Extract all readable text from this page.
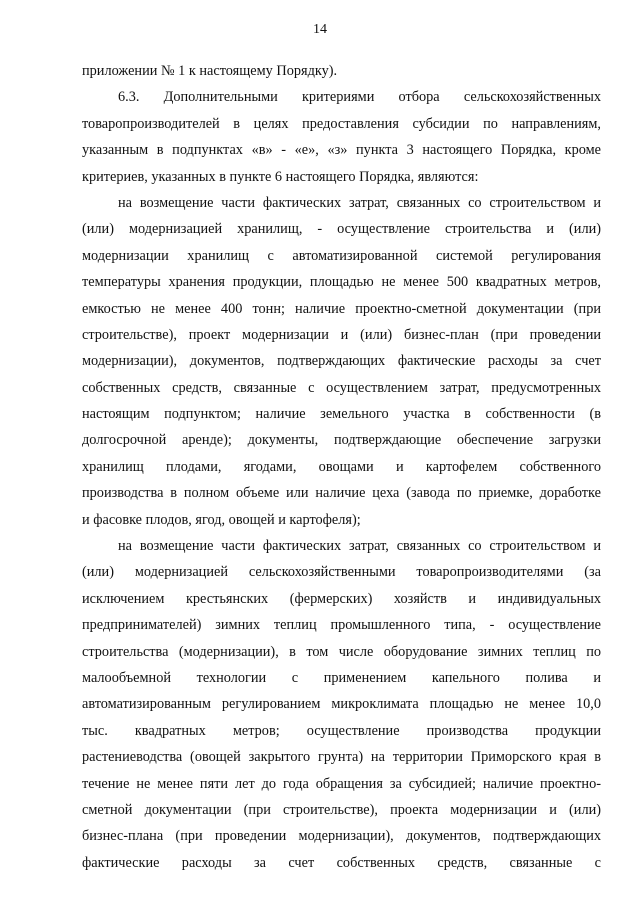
14
приложении № 1 к настоящему Порядку).
6.3. Дополнительными критериями отбора сельскохозяйственных
товаропроизводителей в целях предоставления субсидии по направлениям,
указанным в подпунктах «в» - «е», «з» пункта 3 настоящего Порядка, кроме
критериев, указанных в пункте 6 настоящего Порядка, являются:
на возмещение части фактических затрат, связанных со строительством и
(или) модернизацией хранилищ, - осуществление строительства и (или)
модернизации хранилищ с автоматизированной системой регулирования
температуры хранения продукции, площадью не менее 500 квадратных метров,
емкостью не менее 400 тонн; наличие проектно-сметной документации (при
строительстве), проект модернизации и (или) бизнес-план (при проведении
модернизации), документов, подтверждающих фактические расходы за счет
собственных средств, связанные с осуществлением затрат, предусмотренных
настоящим подпунктом; наличие земельного участка в собственности (в
долгосрочной аренде); документы, подтверждающие обеспечение загрузки
хранилищ плодами, ягодами, овощами и картофелем собственного
производства в полном объеме или наличие цеха (завода по приемке, доработке
и фасовке плодов, ягод, овощей и картофеля);
на возмещение части фактических затрат, связанных со строительством и
(или) модернизацией сельскохозяйственными товаропроизводителями (за
исключением крестьянских (фермерских) хозяйств и индивидуальных
предпринимателей) зимних теплиц промышленного типа, - осуществление
строительства (модернизации), в том числе оборудование зимних теплиц по
малообъемной технологии с применением капельного полива и
автоматизированным регулированием микроклимата площадью не менее 10,0
тыс. квадратных метров; осуществление производства продукции
растениеводства (овощей закрытого грунта) на территории Приморского края в
течение не менее пяти лет до года обращения за субсидией; наличие проектно-
сметной документации (при строительстве), проекта модернизации и (или)
бизнес-плана (при проведении модернизации), документов, подтверждающих
фактические расходы за счет собственных средств, связанные с
